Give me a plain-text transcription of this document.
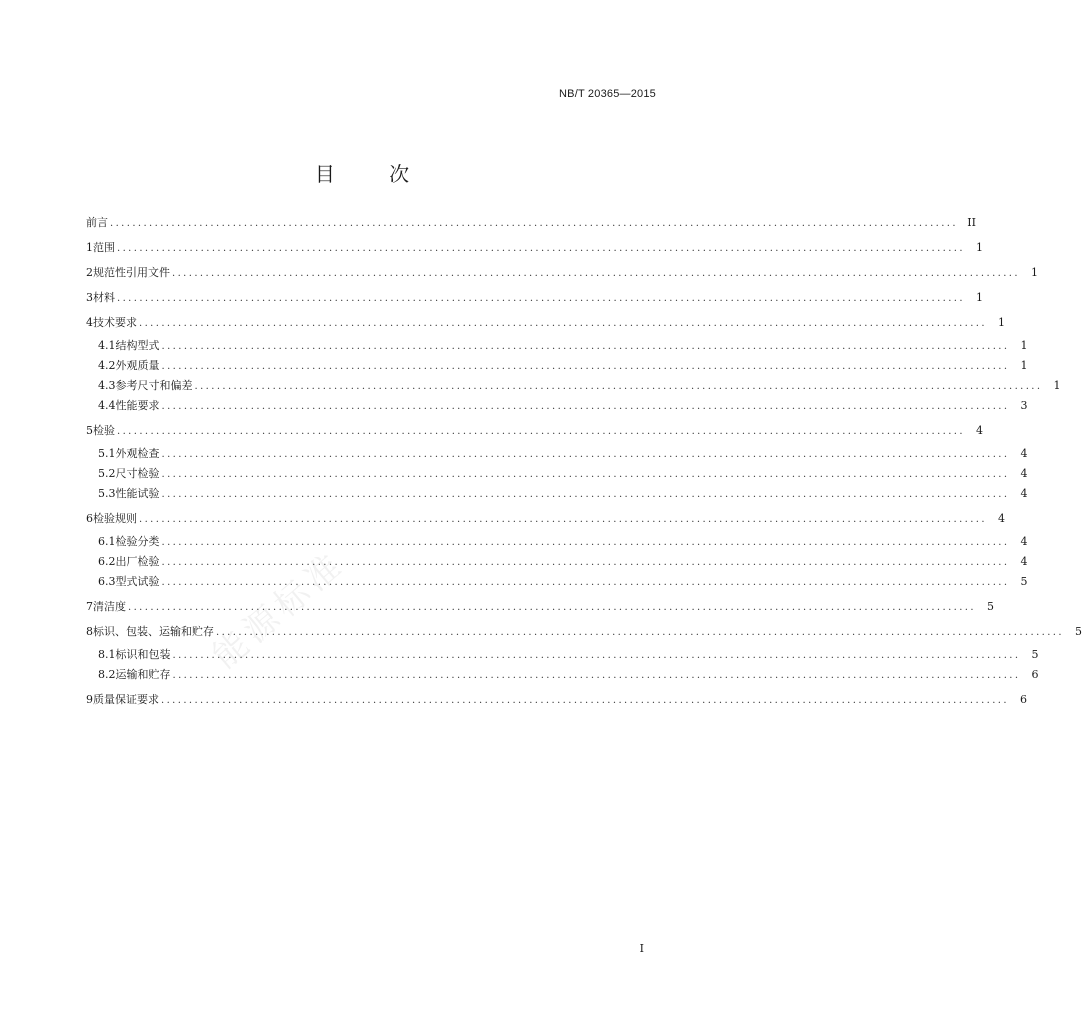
NB/T 20365—2015
目 次
能源标准
前言 ........................................................................................................................................................ II
1 范围 ........................................................................................................................................................	1
2 规范性引用文件 ........................................................................................................................................................	1
3 材料 ........................................................................................................................................................	1
4 技术要求 ........................................................................................................................................................	1
4.1 结构型式 ........................................................................................................................................................	1
4.2 外观质量 ........................................................................................................................................................	1
4.3 参考尺寸和偏差 ........................................................................................................................................................	1
4.4 性能要求 ........................................................................................................................................................	3
5 检验 ........................................................................................................................................................	4
5.1 外观检查 ........................................................................................................................................................	4
5.2 尺寸检验 ........................................................................................................................................................	4
5.3 性能试验 ........................................................................................................................................................	4
6 检验规则 ........................................................................................................................................................	4
6.1 检验分类 ........................................................................................................................................................	4
6.2 出厂检验 ........................................................................................................................................................	4
6.3 型式试验 ........................................................................................................................................................	5
7 清洁度 ........................................................................................................................................................	5
8 标识、包装、运输和贮存 ........................................................................................................................................................	5
8.1 标识和包装 ........................................................................................................................................................	5
8.2 运输和贮存 ........................................................................................................................................................	6
9 质量保证要求 ........................................................................................................................................................	6
I
